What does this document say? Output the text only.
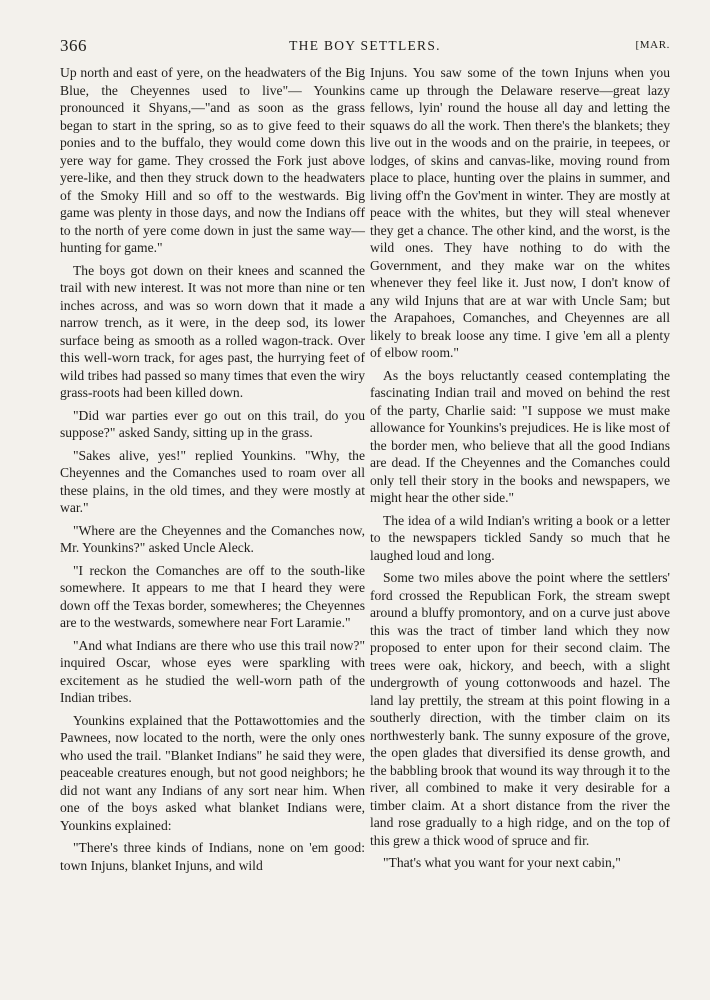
366	THE BOY SETTLERS.	[MAR.

Up north and east of yere, on the headwaters of the Big Blue, the Cheyennes used to live"— Younkins pronounced it Shyans,—"and as soon as the grass began to start in the spring, so as to give feed to their ponies and to the buffalo, they would come down this yere way for game. They crossed the Fork just above yere-like, and then they struck down to the headwaters of the Smoky Hill and so off to the westwards. Big game was plenty in those days, and now the Indians off to the north of yere come down in just the same way—hunting for game."

The boys got down on their knees and scanned the trail with new interest. It was not more than nine or ten inches across, and was so worn down that it made a narrow trench, as it were, in the deep sod, its lower surface being as smooth as a rolled wagon-track. Over this well-worn track, for ages past, the hurrying feet of wild tribes had passed so many times that even the wiry grass-roots had been killed down.

"Did war parties ever go out on this trail, do you suppose?" asked Sandy, sitting up in the grass.

"Sakes alive, yes!" replied Younkins. "Why, the Cheyennes and the Comanches used to roam over all these plains, in the old times, and they were mostly at war."

"Where are the Cheyennes and the Comanches now, Mr. Younkins?" asked Uncle Aleck.

"I reckon the Comanches are off to the south-like somewhere. It appears to me that I heard they were down off the Texas border, somewheres; the Cheyennes are to the westwards, somewhere near Fort Laramie."

"And what Indians are there who use this trail now?" inquired Oscar, whose eyes were sparkling with excitement as he studied the well-worn path of the Indian tribes.

Younkins explained that the Pottawottomies and the Pawnees, now located to the north, were the only ones who used the trail. "Blanket Indians" he said they were, peaceable creatures enough, but not good neighbors; he did not want any Indians of any sort near him. When one of the boys asked what blanket Indians were, Younkins explained:

"There's three kinds of Indians, none on 'em good: town Injuns, blanket Injuns, and wild

Injuns. You saw some of the town Injuns when you came up through the Delaware reserve—great lazy fellows, lyin' round the house all day and letting the squaws do all the work. Then there's the blankets; they live out in the woods and on the prairie, in teepees, or lodges, of skins and canvas-like, moving round from place to place, hunting over the plains in summer, and living off'n the Gov'ment in winter. They are mostly at peace with the whites, but they will steal whenever they get a chance. The other kind, and the worst, is the wild ones. They have nothing to do with the Government, and they make war on the whites whenever they feel like it. Just now, I don't know of any wild Injuns that are at war with Uncle Sam; but the Arapahoes, Comanches, and Cheyennes are all likely to break loose any time. I give 'em all a plenty of elbow room."

As the boys reluctantly ceased contemplating the fascinating Indian trail and moved on behind the rest of the party, Charlie said: "I suppose we must make allowance for Younkins's prejudices. He is like most of the border men, who believe that all the good Indians are dead. If the Cheyennes and the Comanches could only tell their story in the books and newspapers, we might hear the other side."

The idea of a wild Indian's writing a book or a letter to the newspapers tickled Sandy so much that he laughed loud and long.

Some two miles above the point where the settlers' ford crossed the Republican Fork, the stream swept around a bluffy promontory, and on a curve just above this was the tract of timber land which they now proposed to enter upon for their second claim. The trees were oak, hickory, and beech, with a slight undergrowth of young cottonwoods and hazel. The land lay prettily, the stream at this point flowing in a southerly direction, with the timber claim on its northwesterly bank. The sunny exposure of the grove, the open glades that diversified its dense growth, and the babbling brook that wound its way through it to the river, all combined to make it very desirable for a timber claim. At a short distance from the river the land rose gradually to a high ridge, and on the top of this grew a thick wood of spruce and fir.

"That's what you want for your next cabin,"
